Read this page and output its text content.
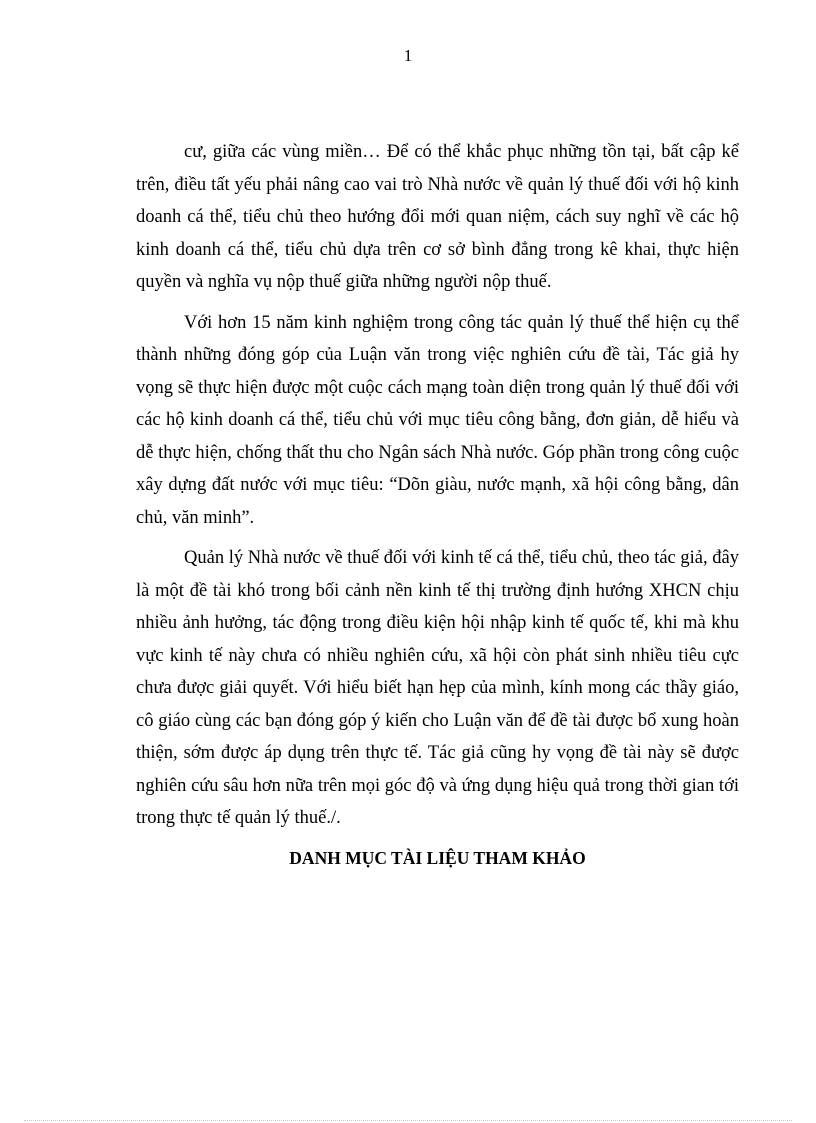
1

cư, giữa các vùng miền… Để có thể khắc phục những tồn tại, bất cập kể trên, điều tất yếu phải nâng cao vai trò Nhà nước về quản lý thuế đối với hộ kinh doanh cá thể, tiểu chủ theo hướng đổi mới quan niệm, cách suy nghĩ về các hộ kinh doanh cá thể, tiểu chủ dựa trên cơ sở bình đẳng trong kê khai, thực hiện quyền và nghĩa vụ nộp thuế giữa những người nộp thuế.

Với hơn 15 năm kinh nghiệm trong công tác quản lý thuế thể hiện cụ thể thành những đóng góp của Luận văn trong việc nghiên cứu đề tài, Tác giả hy vọng sẽ thực hiện được một cuộc cách mạng toàn diện trong quản lý thuế đối với các hộ kinh doanh cá thể, tiểu chủ với mục tiêu công bằng, đơn giản, dễ hiểu và dễ thực hiện, chống thất thu cho Ngân sách Nhà nước. Góp phần trong công cuộc xây dựng đất nước với mục tiêu: “Dõn giàu, nước mạnh, xã hội công bằng, dân chủ, văn minh”.

Quản lý Nhà nước về thuế đối với kinh tế cá thể, tiểu chủ, theo tác giả, đây là một đề tài khó trong bối cảnh nền kinh tế thị trường định hướng XHCN chịu nhiều ảnh hưởng, tác động trong điều kiện hội nhập kinh tế quốc tế, khi mà khu vực kinh tế này chưa có nhiều nghiên cứu, xã hội còn phát sinh nhiều tiêu cực chưa được giải quyết. Với hiểu biết hạn hẹp của mình, kính mong các thầy giáo, cô giáo cùng các bạn đóng góp ý kiến cho Luận văn để đề tài được bổ xung hoàn thiện, sớm được áp dụng trên thực tế. Tác giả cũng hy vọng đề tài này sẽ được nghiên cứu sâu hơn nữa trên mọi góc độ và ứng dụng hiệu quả trong thời gian tới trong thực tế quản lý thuế./.

DANH MỤC TÀI LIỆU THAM KHẢO
